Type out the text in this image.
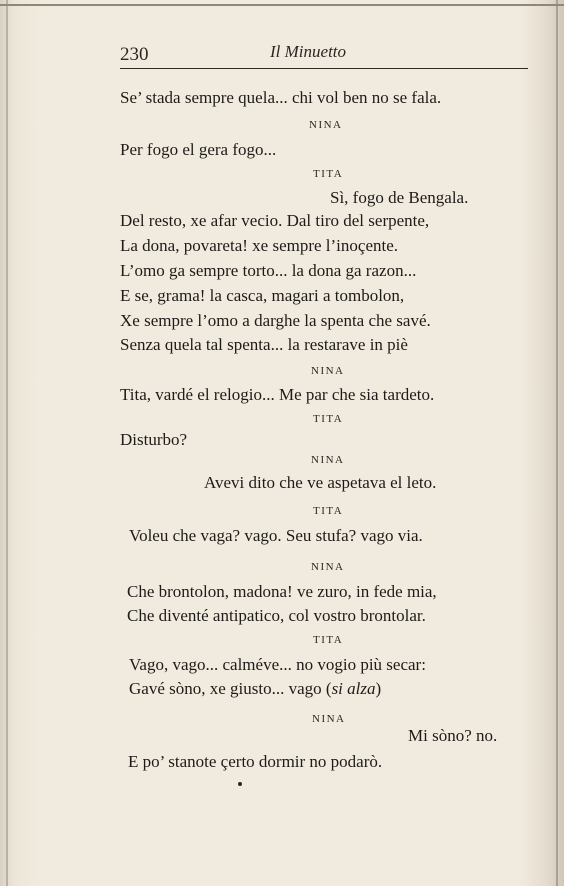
230	Il Minuetto
Se’ stada sempre quela... chi vol ben no se fala.
NINA
Per fogo el gera fogo...
TITA
Sì, fogo de Bengala.
Del resto, xe afar vecio. Dal tiro del serpente,
La dona, povareta! xe sempre l’inoçente.
L’omo ga sempre torto... la dona ga razon...
E se, grama! la casca, magari a tombolon,
Xe sempre l’omo a darghe la spenta che savé.
Senza quela tal spenta... la restarave in piè
NINA
Tita, vardé el relogio... Me par che sia tardeto.
TITA
Disturbo?
NINA
Avevi dito che ve aspetava el leto.
TITA
Voleu che vaga? vago. Seu stufa? vago via.
NINA
Che brontolon, madona! ve zuro, in fede mia,
Che diventé antipatico, col vostro brontolar.
TITA
Vago, vago... calméve... no vogio più secar:
Gavé sòno, xe giusto... vago (si alza)
NINA
Mi sòno? no.
E po’ stanote çerto dormir no podarò.
